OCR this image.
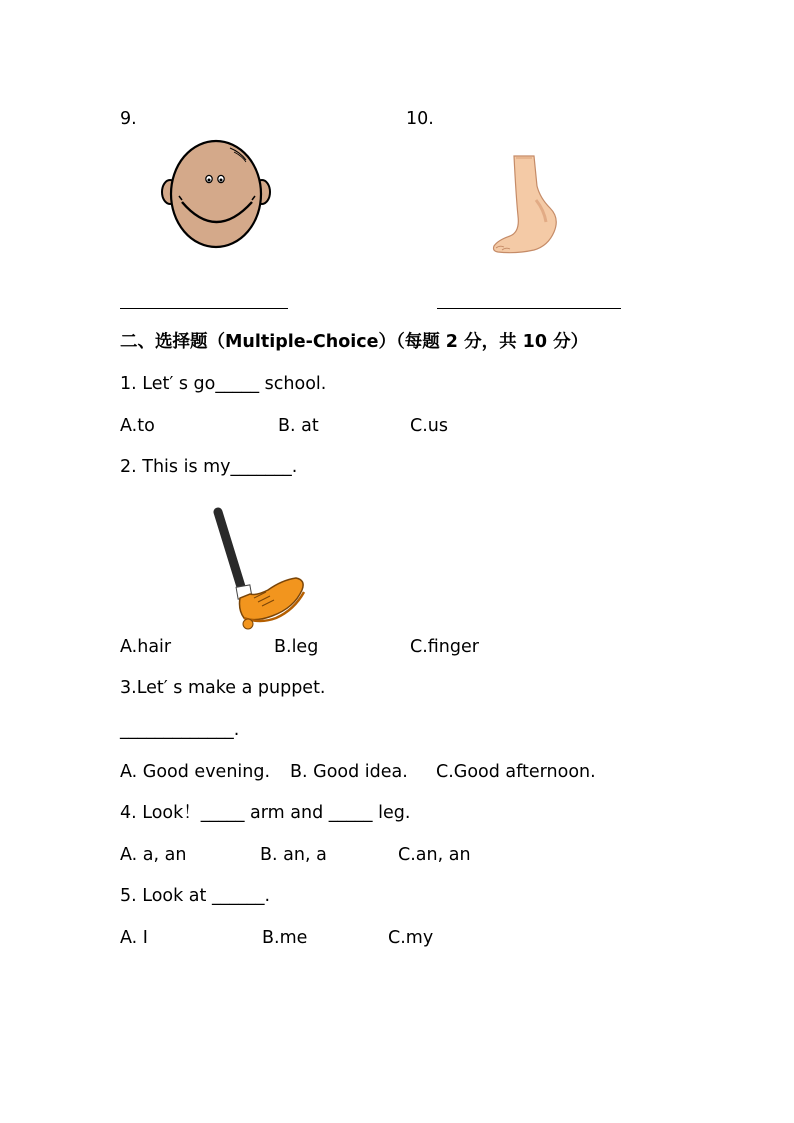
9.	10.
二、选择题（Multiple-Choice）（每题 2 分，共 10 分）
1. Let′ s go_____ school.
A.to	B. at	C.us
2. This is my_______.
A.hair	B.leg	C.finger
3.Let′ s make a puppet.
_____________.
A. Good evening. B. Good idea. C.Good afternoon.
4. Look！_____ arm and _____ leg.
A. a, an	B. an, a	C.an, an
5. Look at ______.
A. I	B.me	C.my
